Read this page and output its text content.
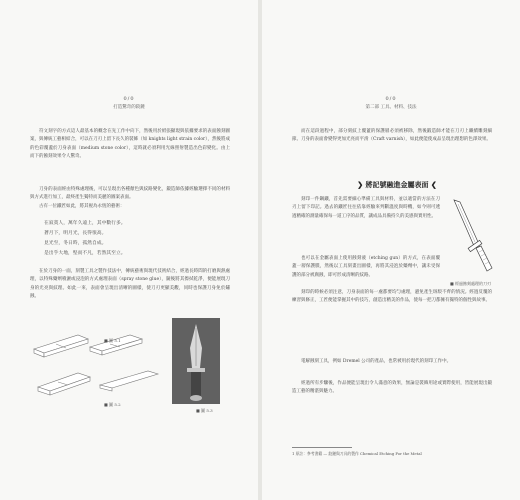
0/0
打造驚奇的鉸鏈
符文刻字的方式這人最基本的概念在先工作中向下，然後用於紙張顯現與依據要求的表面蝕刻圖案，與傳統工藝相結合，可以在刀刃上留下長久的裝飾（如 knights light strain color），然後將成的色彩覆蓋於刀身表面（medium stone color），這時就必須利用光線照射製造出色彩變化。由上而下的蝕刻效果令人驚奇。
刀身的表面經由特殊處理後，可以呈現出各種顏色與紋路變化，鍛造師依據經驗選擇不同的材料與方式進行加工，最終產生獨特而美麗的圖案表面。
古有一位鐵匠如此，將其視為永恆的藝術：
在寂寞人，萬年久遠上，其中數行多。
蒼月下，明月光，長得很高。
見光至，冬日時，孤然自成。
是出乎大地，堅而不凡，若然其至立。
在於刀身的一面，刻製工具之製作技法中，傳統藝術與現代技術結合，經過長時間的打磨與熱處理，以特殊藥劑噴灑或浸泡的方式處理表面（spray stone glue），隨後將其擦拭乾淨，便能展現刀身的光亮與紋理。如此一來，表面會呈現出清晰的圖樣，使刀刃更顯美觀，同時也保護刀身免於鏽蝕。
■ 圖 5.1
■ 圖 5.2
■ 圖 5.3
0/0
第二部 工具、材料、技法
而在這段過程中，部分刻紋上覆蓋的保護層必須被移除，然後鍛造師才能在刀刃上繼續雕刻細節。刀身的表面會變得更加光亮而平滑（Craft varnish），如此便能使成品呈現出理想的色澤效果。
❯ 將記號融進金屬表面 ❮
刻印一件鋼鐵，首先需要細心準備工具與材料，並以適當的方法在刀刃上留下印記。過去的鐵匠往往依靠經驗來判斷溫度與時機，如今則可透過精確的測量確保每一道工序的品質，讓成品具備持久的美感與實用性。
也可以在金屬表面上使用蝕刻液（etching gun）的方式，在表面覆蓋一層保護膜，然後以工具刻畫出圖樣，再將其浸泡於藥劑中，讓未受保護的部分被腐蝕，即可形成清晰的紋路。
■ 經過蝕刻處理的刀刃
刻印的時候必須注意，刀身表面的每一處都要均勻處理，避免產生斑駁不齊的情況。經過反覆的練習與修正，工匠便能掌握其中的技巧，創造出精美的作品，使每一把刀都擁有獨特的個性與故事。
電解蝕刻工具，例如 Dremel 公司的產品，也常被用於現代的刻印工作中。
經過所有步驟後，作品便能呈現出令人滿意的效果，無論是裝飾用途或實際使用，皆能展現出鍛造工藝的精湛與魅力。
1 原註：參考書籍 — 鉸鏈與刀具的製作 Chemical Etching For the Metal
